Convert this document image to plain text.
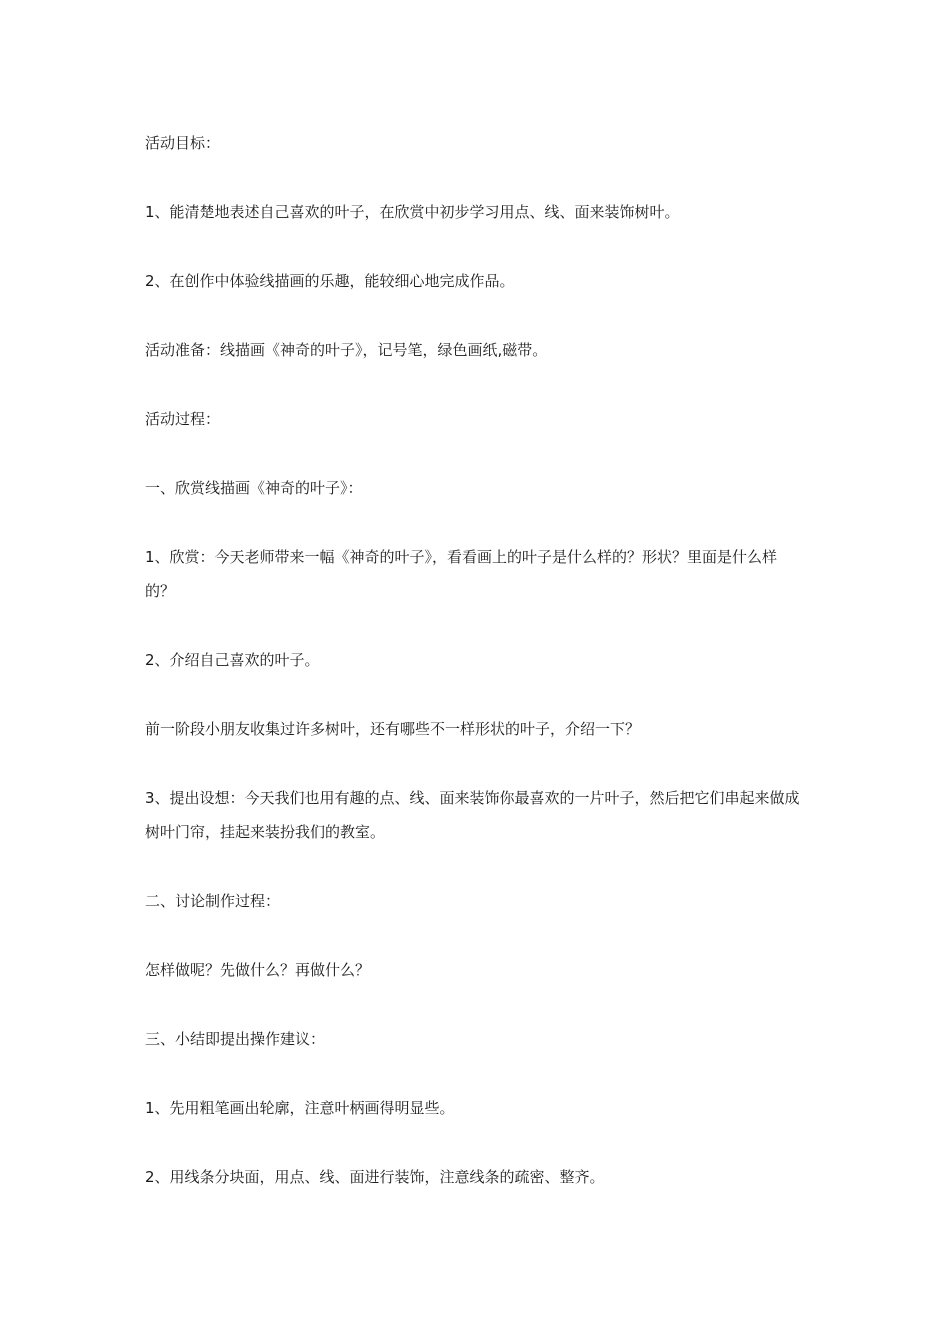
活动目标：

1、能清楚地表述自己喜欢的叶子，在欣赏中初步学习用点、线、面来装饰树叶。

2、在创作中体验线描画的乐趣，能较细心地完成作品。

活动准备：线描画《神奇的叶子》，记号笔，绿色画纸,磁带。

活动过程：

一、欣赏线描画《神奇的叶子》：

1、欣赏：今天老师带来一幅《神奇的叶子》，看看画上的叶子是什么样的？形状？里面是什么样的？

2、介绍自己喜欢的叶子。

前一阶段小朋友收集过许多树叶，还有哪些不一样形状的叶子，介绍一下？

3、提出设想：今天我们也用有趣的点、线、面来装饰你最喜欢的一片叶子，然后把它们串起来做成树叶门帘，挂起来装扮我们的教室。

二、讨论制作过程：

怎样做呢？先做什么？再做什么？

三、小结即提出操作建议：

1、先用粗笔画出轮廓，注意叶柄画得明显些。

2、用线条分块面，用点、线、面进行装饰，注意线条的疏密、整齐。
